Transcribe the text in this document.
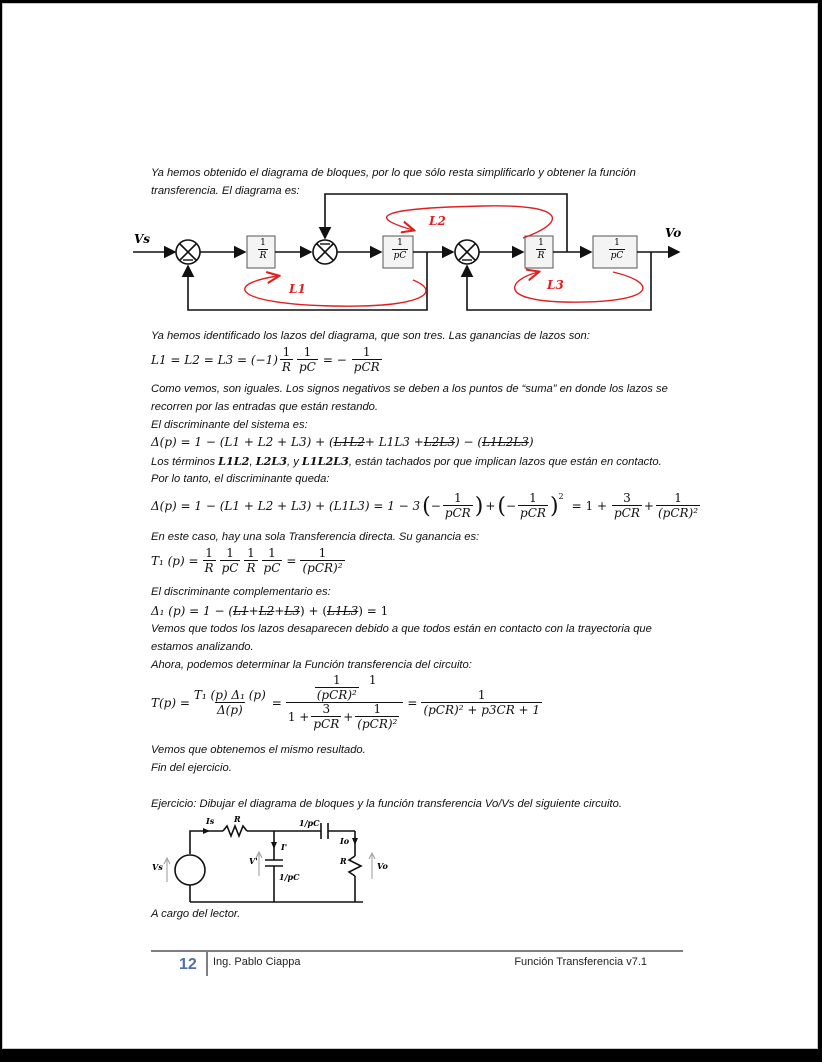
Ya hemos obtenido el diagrama de bloques, por lo que sólo resta simplificarlo y obtener la función
transferencia. El diagrama es:
Vs	Vo
$\frac{1}{R}$	$\frac{1}{pC}$	$\frac{1}{R}$	$\frac{1}{pC}$
L1
L2
L3
Ya hemos identificado los lazos del diagrama, que son tres. Las ganancias de lazos son:
$L1 = L2 = L3 = (-1) \frac{1}{R} \frac{1}{pC}$ = − $\frac{1}{\text{pCR}}$
Como vemos, son iguales. Los signos negativos se deben a los puntos de “suma” en donde los lazos se
recorren por las entradas que están restando.
El discriminante del sistema es:
Δ(p) = 1 − (L1 + L2 + L3) + ( L1L2 + L1L3 + L2L3 ) − ( L1L2L3 )
Los términos L1L2, L2L3, y L1L2L3, están tachados por que implican lazos que están en contacto.
Por lo tanto, el discriminante queda:
Δ(p) = 1 − (L1 + L2 + L3) + (L1L3) = 1 − 3 ( − $\frac{1}{\text{pCR}}$ ) + ( − $\frac{1}{\text{pCR}} )^2$
= $1 + \frac{3}{\text{pCR}} + \frac{1}{\text{(pCR)²}}$
En este caso, hay una sola Transferencia directa. Su ganancia es:
T₁ $(p) = \frac{1}{R} \frac{1}{pC} \frac{1}{R} \frac{1}{pC} = \frac{1}{\text{(pCR)²}}$
El discriminante complementario es:
Δ₁ (p) = 1 − ( L1 + L2 + L3 ) + ( L1L3 ) = 1
Vemos que todos los lazos desaparecen debido a que todos están en contacto con la trayectoria que
estamos analizando.
Ahora, podemos determinar la Función transferencia del circuito:
$T(p) = \frac{\text{T₁ (p) Δ₁ (p)}}{\Delta(p)} = \frac{\frac{1}{\text{(pCR)²}} 1}{1 + \frac{3}{\text{pCR}} + \frac{1}{\text{(pCR)²}}} = \frac{1}{\text{(pCR)² + p3CR + 1}}$
Vemos que obtenemos el mismo resultado.
Fin del ejercicio.
Ejercicio: Dibujar el diagrama de bloques y la función transferencia Vo/Vs del siguiente circuito.
Is R	1/pC
I'
V'
1/pC
Io
R
Vs	Vo
A cargo del lector.
12 Ing. Pablo Ciappa	Función Transferencia v7.1
